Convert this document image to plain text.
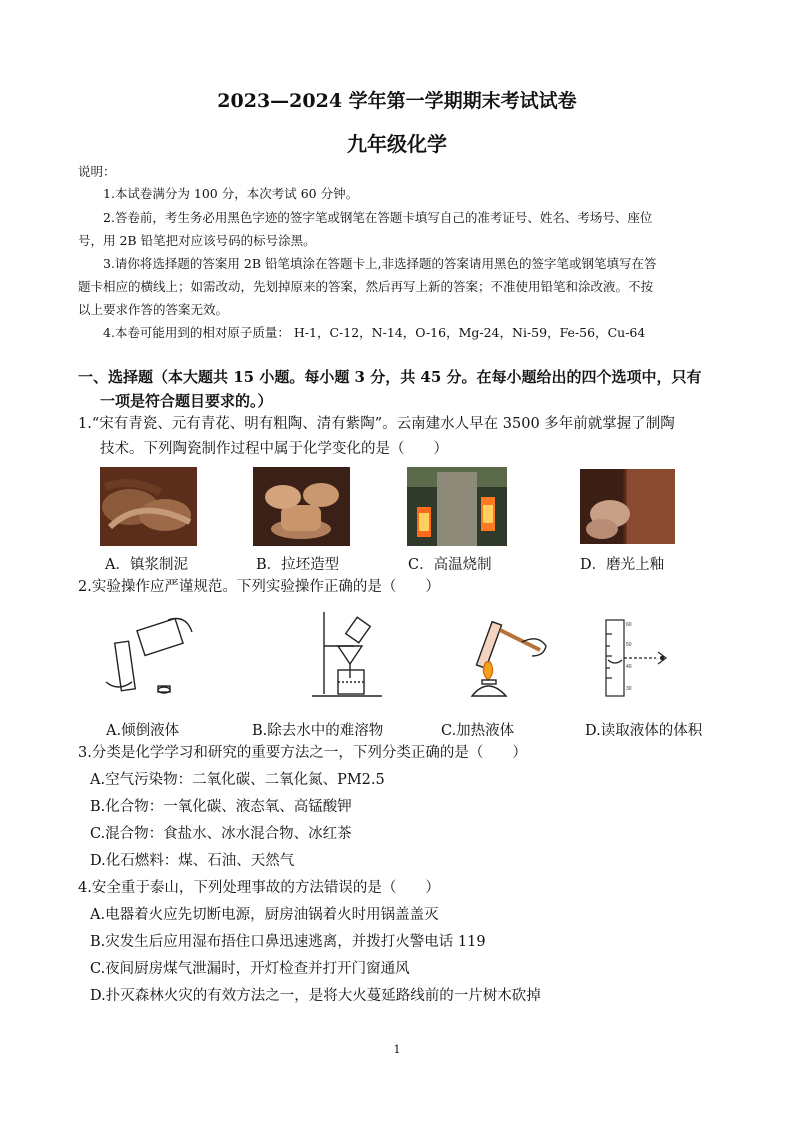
2023—2024 学年第一学期期末考试试卷
九年级化学
说明：
1.本试卷满分为 100 分，本次考试 60 分钟。
2.答卷前，考生务必用黑色字迹的签字笔或钢笔在答题卡填写自己的准考证号、姓名、考场号、座位
号，用 2B 铅笔把对应该号码的标号涂黑。
3.请你将选择题的答案用 2B 铅笔填涂在答题卡上,非选择题的答案请用黑色的签字笔或钢笔填写在答
题卡相应的横线上；如需改动，先划掉原来的答案，然后再写上新的答案；不准使用铅笔和涂改液。不按
以上要求作答的答案无效。
4.本卷可能用到的相对原子质量： H-1，C-12，N-14，O-16，Mg-24，Ni-59，Fe-56，Cu-64
一、选择题（本大题共 15 小题。每小题 3 分，共 45 分。在每小题给出的四个选项中，只有
一项是符合题目要求的。）
1.“宋有青瓷、元有青花、明有粗陶、清有紫陶”。云南建水人早在 3500 多年前就掌握了制陶
技术。下列陶瓷制作过程中属于化学变化的是（　　）
A．镇浆制泥	B．拉坯造型	C．高温烧制	D．磨光上釉
2.实验操作应严谨规范。下列实验操作正确的是（　　）
60
50
40
30
A.倾倒液体	B.除去水中的难溶物	C.加热液体	D.读取液体的体积
3.分类是化学学习和研究的重要方法之一，下列分类正确的是（　　）
A.空气污染物：二氧化碳、二氧化氮、PM2.5
B.化合物：一氧化碳、液态氧、高锰酸钾
C.混合物：食盐水、冰水混合物、冰红茶
D.化石燃料：煤、石油、天然气
4.安全重于泰山，下列处理事故的方法错误的是（　　）
A.电器着火应先切断电源，厨房油锅着火时用锅盖盖灭
B.灾发生后应用湿布捂住口鼻迅速逃离，并拨打火警电话 119
C.夜间厨房煤气泄漏时，开灯检查并打开门窗通风
D.扑灭森林火灾的有效方法之一，是将大火蔓延路线前的一片树木砍掉
1
